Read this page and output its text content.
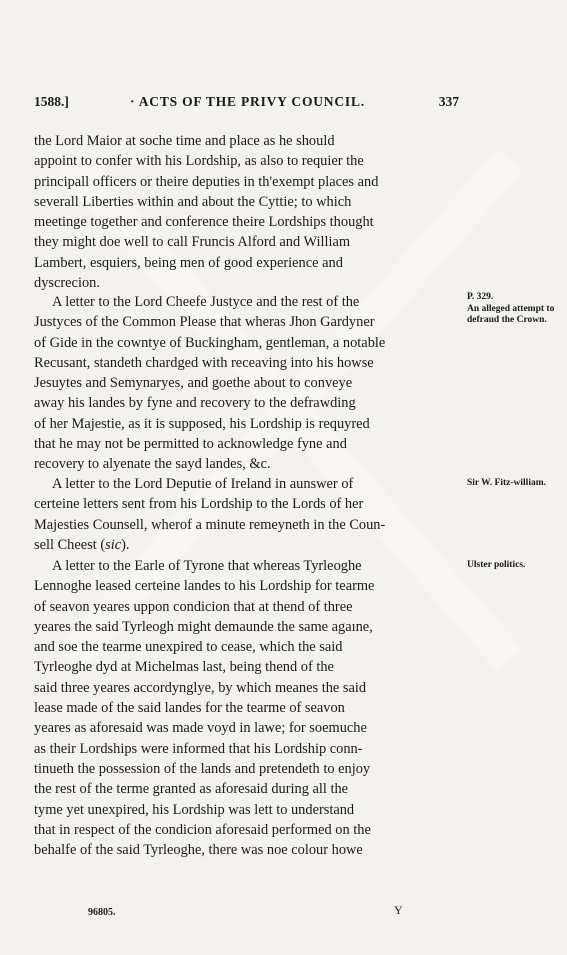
1588.]	· ACTS OF THE PRIVY COUNCIL.	337
the Lord Maior at soche time and place as he should
appoint to confer with his Lordship, as also to requier the
principall officers or theire deputies in th'exempt places and
severall Liberties within and about the Cyttie; to which
meetinge together and conference theire Lordships thought
they might doe well to call Fruncis Alford and William
Lambert, esquiers, being men of good experience and
dyscrecion.
A letter to the Lord Cheefe Justyce and the rest of the
Justyces of the Common Please that wheras Jhon Gardyner
of Gide in the cowntye of Buckingham, gentleman, a notable
Recusant, standeth chardged with receaving into his howse
Jesuytes and Semynaryes, and goethe about to conveye
away his landes by fyne and recovery to the defrawding
of her Majestie, as it is supposed, his Lordship is requyred
that he may not be permitted to acknowledge fyne and
recovery to alyenate the sayd landes, &c.
P. 329.
An alleged attempt to defraud the Crown.
A letter to the Lord Deputie of Ireland in aunswer of
certeine letters sent from his Lordship to the Lords of her
Majesties Counsell, wherof a minute remeyneth in the Coun-
sell Cheest (sic).
Sir W. Fitz-william.
A letter to the Earle of Tyrone that whereas Tyrleoghe
Lennoghe leased certeine landes to his Lordship for tearme
of seavon yeares uppon condicion that at thend of three
yeares the said Tyrleogh might demaunde the same agaıne,
and soe the tearme unexpired to cease, which the said
Tyrleoghe dyd at Michelmas last, being thend of the
said three yeares accordynglye, by which meanes the said
lease made of the said landes for the tearme of seavon
yeares as aforesaid was made voyd in lawe; for soemuche
as their Lordships were informed that his Lordship conn-
tinueth the possession of the lands and pretendeth to enjoy
the rest of the terme granted as aforesaid during all the
tyme yet unexpired, his Lordship was lett to understand
that in respect of the condicion aforesaid performed on the
behalfe of the said Tyrleoghe, there was noe colour howe
Ulster politics.
96805.	Y
